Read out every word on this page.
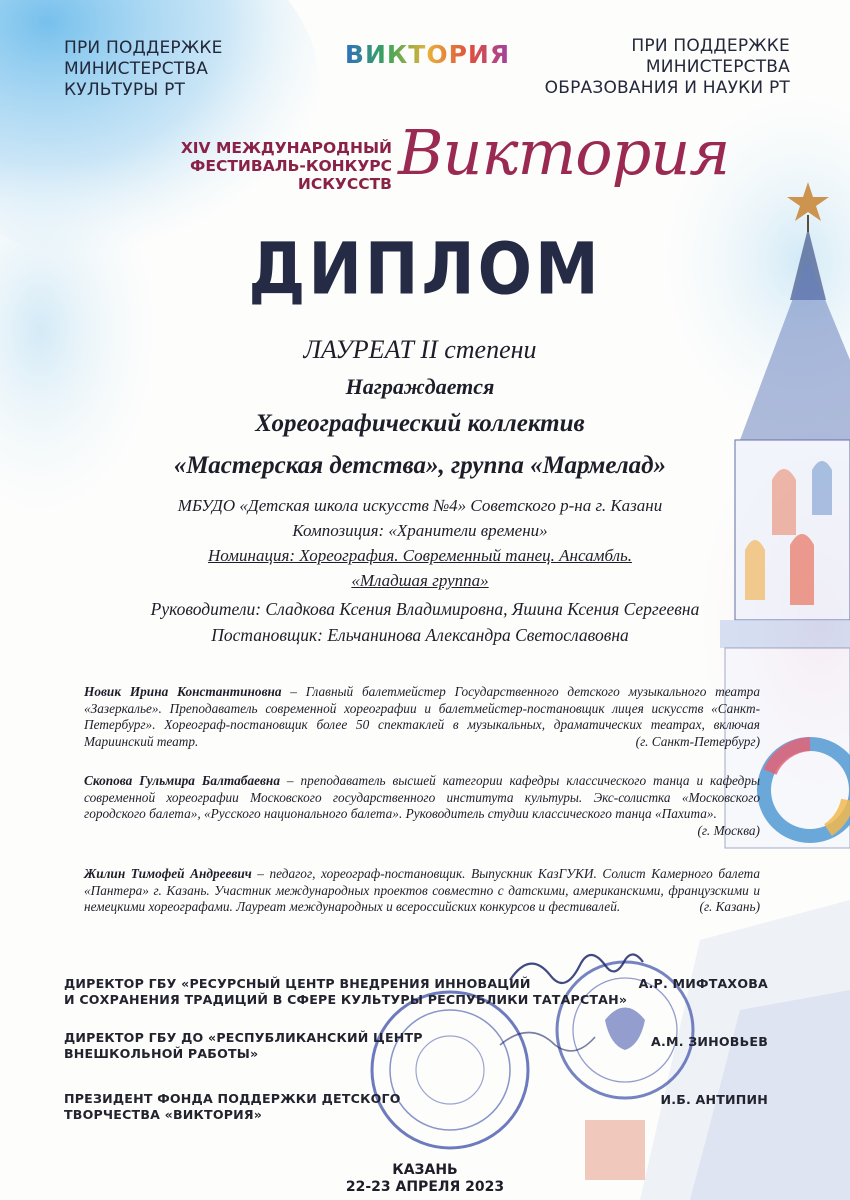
ПРИ ПОДДЕРЖКЕ
МИНИСТЕРСТВА
КУЛЬТУРЫ РТ
ПРИ ПОДДЕРЖКЕ
МИНИСТЕРСТВА
ОБРАЗОВАНИЯ И НАУКИ РТ
ВИКТОРИЯ
XIV МЕЖДУНАРОДНЫЙ
ФЕСТИВАЛЬ-КОНКУРС
ИСКУССТВ Виктория
ДИПЛОМ
ЛАУРЕАТ II степени
Награждается
Хореографический коллектив
«Мастерская детства», группа «Мармелад»
МБУДО «Детская школа искусств №4» Советского р-на г. Казани
Композиция: «Хранители времени»
Номинация: Хореография. Современный танец. Ансамбль.
«Младшая группа»
Руководители: Сладкова Ксения Владимировна, Яшина Ксения Сергеевна
Постановщик: Ельчанинова Александра Светославовна
Новик Ирина Константиновна – Главный балетмейстер Государственного детского музыкального театра «Зазеркалье». Преподаватель современной хореографии и балетмейстер-постановщик лицея искусств «Санкт-Петербург». Хореограф-постановщик более 50 спектаклей в музыкальных, драматических театрах, включая Мариинский театр.	(г. Санкт-Петербург)
Скопова Гульмира Балтабаевна – преподаватель высшей категории кафедры классического танца и кафедры современной хореографии Московского государственного института культуры. Экс-солистка «Московского городского балета», «Русского национального балета». Руководитель студии классического танца «Пахита».
(г. Москва)
Жилин Тимофей Андреевич – педагог, хореограф-постановщик. Выпускник КазГУКИ. Солист Камерного балета «Пантера» г. Казань. Участник международных проектов совместно с датскими, американскими, французскими и немецкими хореографами. Лауреат международных и всероссийских конкурсов и фестивалей.	(г. Казань)
ДИРЕКТОР ГБУ «РЕСУРСНЫЙ ЦЕНТР ВНЕДРЕНИЯ ИННОВАЦИЙ
И СОХРАНЕНИЯ ТРАДИЦИЙ В СФЕРЕ КУЛЬТУРЫ РЕСПУБЛИКИ ТАТАРСТАН»
А.Р. МИФТАХОВА
ДИРЕКТОР ГБУ ДО «РЕСПУБЛИКАНСКИЙ ЦЕНТР
ВНЕШКОЛЬНОЙ РАБОТЫ»
А.М. ЗИНОВЬЕВ
ПРЕЗИДЕНТ ФОНДА ПОДДЕРЖКИ ДЕТСКОГО
ТВОРЧЕСТВА «ВИКТОРИЯ»
И.Б. АНТИПИН
КАЗАНЬ
22-23 АПРЕЛЯ 2023
